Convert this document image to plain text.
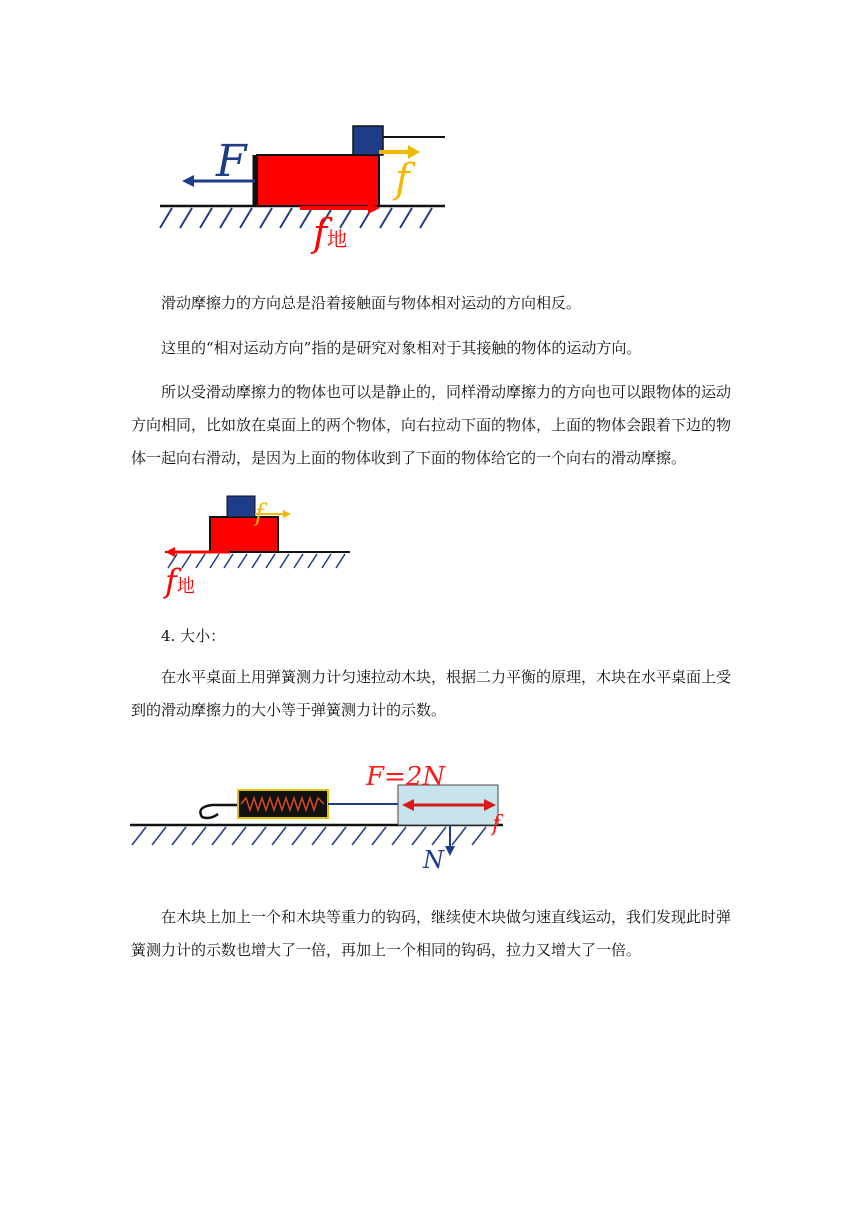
F	f
f地

滑动摩擦力的方向总是沿着接触面与物体相对运动的方向相反。

这里的“相对运动方向”指的是研究对象相对于其接触的物体的运动方向。

所以受滑动摩擦力的物体也可以是静止的，同样滑动摩擦力的方向也可以跟物体的运动方向相同，比如放在桌面上的两个物体，向右拉动下面的物体，上面的物体会跟着下边的物体一起向右滑动，是因为上面的物体收到了下面的物体给它的一个向右的滑动摩擦。

f
f地

4. 大小：

在水平桌面上用弹簧测力计匀速拉动木块，根据二力平衡的原理，木块在水平桌面上受到的滑动摩擦力的大小等于弹簧测力计的示数。

F=2N
f
N

在木块上加上一个和木块等重力的钩码，继续使木块做匀速直线运动，我们发现此时弹簧测力计的示数也增大了一倍，再加上一个相同的钩码，拉力又增大了一倍。
